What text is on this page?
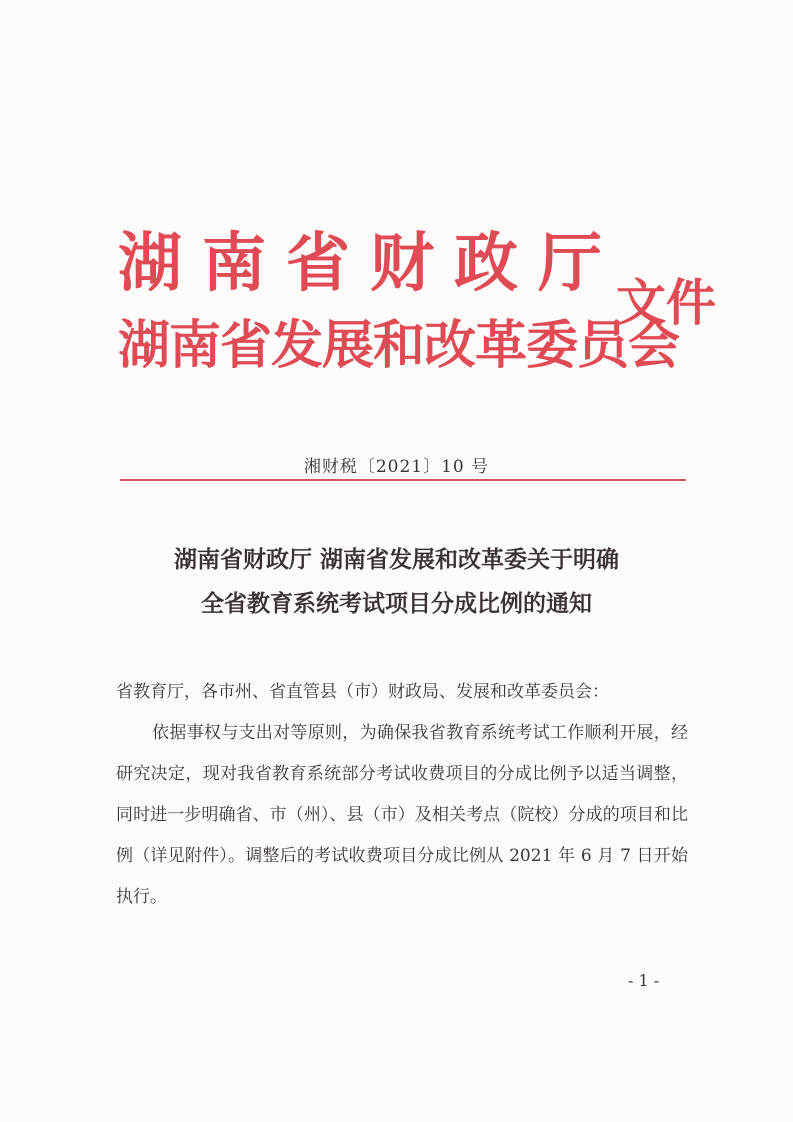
湖南省财政厅
湖南省发展和改革委员会
文件
湘财税〔2021〕10 号
湖南省财政厅 湖南省发展和改革委关于明确
全省教育系统考试项目分成比例的通知

省教育厅，各市州、省直管县（市）财政局、发展和改革委员会：

依据事权与支出对等原则，为确保我省教育系统考试工作顺利开展，经研究决定，现对我省教育系统部分考试收费项目的分成比例予以适当调整，同时进一步明确省、市（州）、县（市）及相关考点（院校）分成的项目和比例（详见附件）。调整后的考试收费项目分成比例从 2021 年 6 月 7 日开始执行。

- 1 -
